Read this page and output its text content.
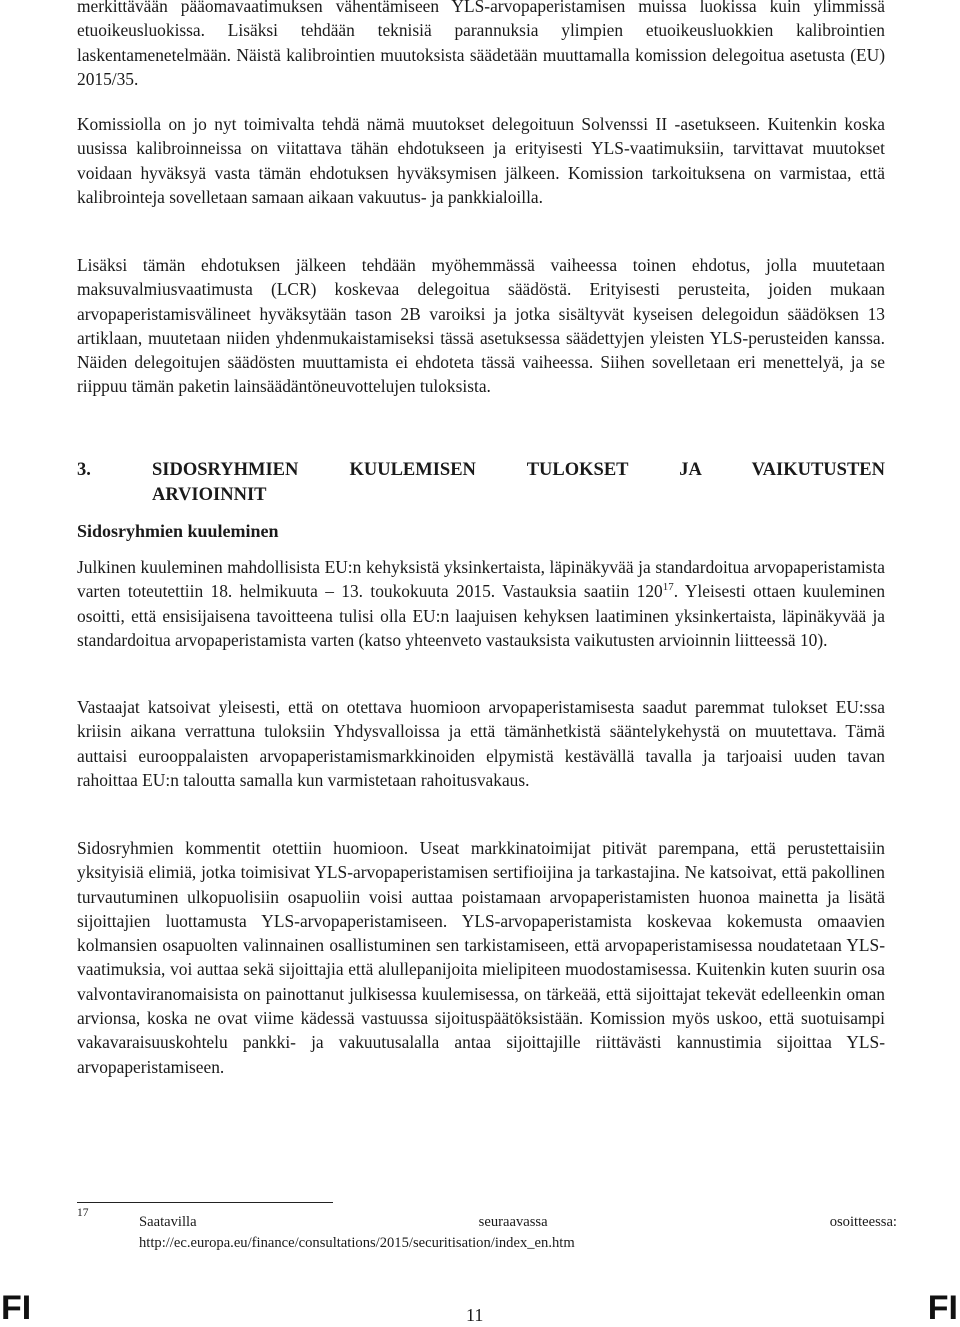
merkittävään pääomavaatimuksen vähentämiseen YLS-arvopaperistamisen muissa luokissa kuin ylimmissä etuoikeusluokissa. Lisäksi tehdään teknisiä parannuksia ylimpien etuoikeusluokkien kalibrointien laskentamenetelmään. Näistä kalibrointien muutoksista säädetään muuttamalla komission delegoitua asetusta (EU) 2015/35.

Komissiolla on jo nyt toimivalta tehdä nämä muutokset delegoituun Solvenssi II -asetukseen. Kuitenkin koska uusissa kalibroinneissa on viitattava tähän ehdotukseen ja erityisesti YLS-vaatimuksiin, tarvittavat muutokset voidaan hyväksyä vasta tämän ehdotuksen hyväksymisen jälkeen. Komission tarkoituksena on varmistaa, että kalibrointeja sovelletaan samaan aikaan vakuutus- ja pankkialoilla.

Lisäksi tämän ehdotuksen jälkeen tehdään myöhemmässä vaiheessa toinen ehdotus, jolla muutetaan maksuvalmiusvaatimusta (LCR) koskevaa delegoitua säädöstä. Erityisesti perusteita, joiden mukaan arvopaperistamisvälineet hyväksytään tason 2B varoiksi ja jotka sisältyvät kyseisen delegoidun säädöksen 13 artiklaan, muutetaan niiden yhdenmukaistamiseksi tässä asetuksessa säädettyjen yleisten YLS-perusteiden kanssa. Näiden delegoitujen säädösten muuttamista ei ehdoteta tässä vaiheessa. Siihen sovelletaan eri menettelyä, ja se riippuu tämän paketin lainsäädäntöneuvottelujen tuloksista.

3.	SIDOSRYHMIEN KUULEMISEN TULOKSET JA VAIKUTUSTEN
ARVIOINNIT
Sidosryhmien kuuleminen

Julkinen kuuleminen mahdollisista EU:n kehyksistä yksinkertaista, läpinäkyvää ja standardoitua arvopaperistamista varten toteutettiin 18. helmikuuta – 13. toukokuuta 2015. Vastauksia saatiin $120^{17}$. Yleisesti ottaen kuuleminen osoitti, että ensisijaisena tavoitteena tulisi olla EU:n laajuisen kehyksen laatiminen yksinkertaista, läpinäkyvää ja standardoitua arvopaperistamista varten (katso yhteenveto vastauksista vaikutusten arvioinnin liitteessä 10).

Vastaajat katsoivat yleisesti, että on otettava huomioon arvopaperistamisesta saadut paremmat tulokset EU:ssa kriisin aikana verrattuna tuloksiin Yhdysvalloissa ja että tämänhetkistä sääntelykehystä on muutettava. Tämä auttaisi eurooppalaisten arvopaperistamismarkkinoiden elpymistä kestävällä tavalla ja tarjoaisi uuden tavan rahoittaa EU:n taloutta samalla kun varmistetaan rahoitusvakaus.

Sidosryhmien kommentit otettiin huomioon. Useat markkinatoimijat pitivät parempana, että perustettaisiin yksityisiä elimiä, jotka toimisivat YLS-arvopaperistamisen sertifioijina ja tarkastajina. Ne katsoivat, että pakollinen turvautuminen ulkopuolisiin osapuoliin voisi auttaa poistamaan arvopaperistamisten huonoa mainetta ja lisätä sijoittajien luottamusta YLS-arvopaperistamiseen. YLS-arvopaperistamista koskevaa kokemusta omaavien kolmansien osapuolten valinnainen osallistuminen sen tarkistamiseen, että arvopaperistamisessa noudatetaan YLS-vaatimuksia, voi auttaa sekä sijoittajia että alullepanijoita mielipiteen muodostamisessa. Kuitenkin kuten suurin osa valvontaviranomaisista on painottanut julkisessa kuulemisessa, on tärkeää, että sijoittajat tekevät edelleenkin oman arvionsa, koska ne ovat viime kädessä vastuussa sijoituspäätöksistään. Komission myös uskoo, että suotuisampi vakavaraisuuskohtelu pankki- ja vakuutusalalla antaa sijoittajille riittävästi kannustimia sijoittaa YLS-arvopaperistamiseen.

17
Saatavilla	seuraavassa	osoitteessa:
http://ec.europa.eu/finance/consultations/2015/securitisation/index_en.htm
FI	11	FI
